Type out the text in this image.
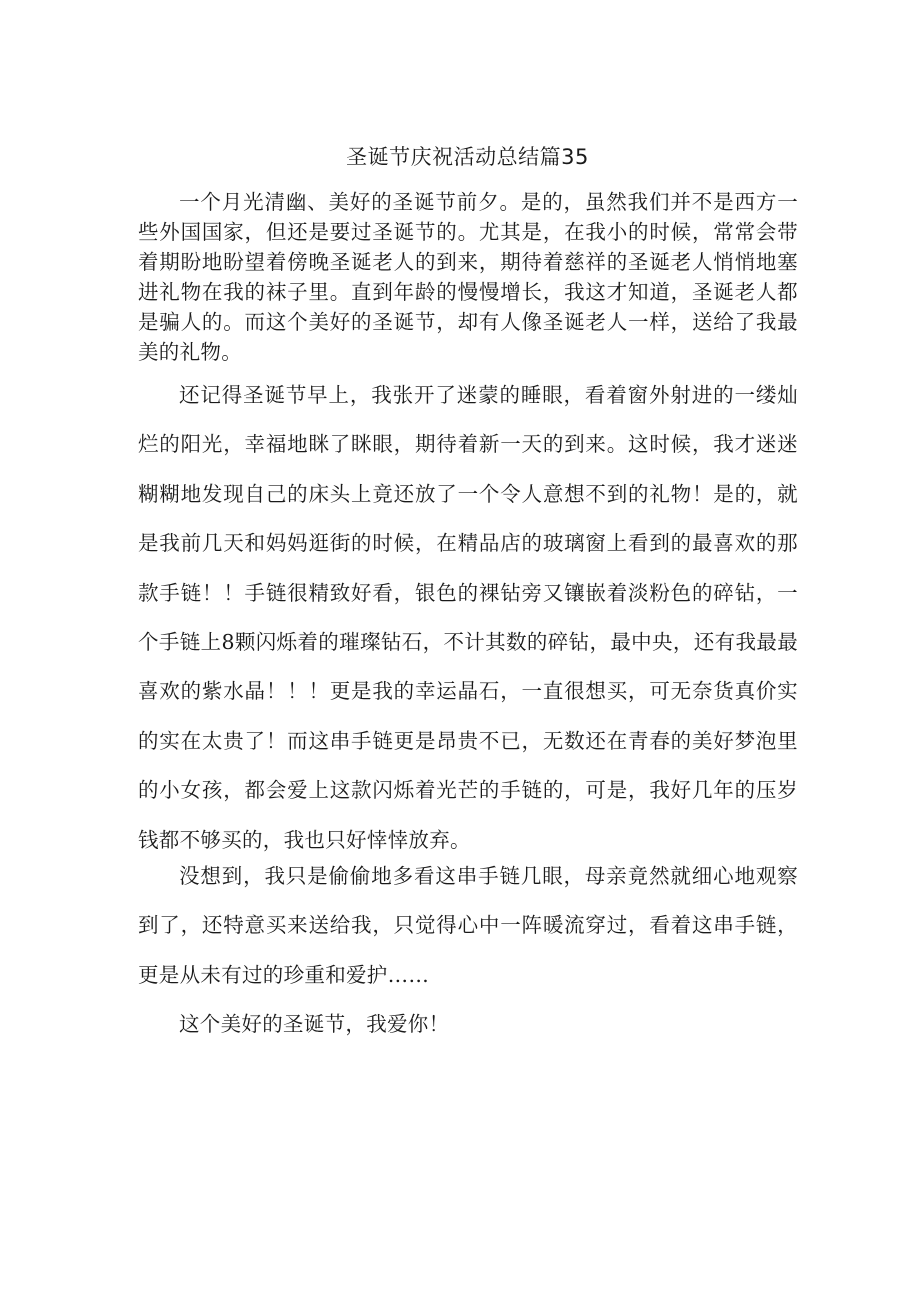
圣诞节庆祝活动总结篇35

一个月光清幽、美好的圣诞节前夕。是的，虽然我们并不是西方一些外国国家，但还是要过圣诞节的。尤其是，在我小的时候，常常会带着期盼地盼望着傍晚圣诞老人的到来，期待着慈祥的圣诞老人悄悄地塞进礼物在我的袜子里。直到年龄的慢慢增长，我这才知道，圣诞老人都是骗人的。而这个美好的圣诞节，却有人像圣诞老人一样，送给了我最美的礼物。

还记得圣诞节早上，我张开了迷蒙的睡眼，看着窗外射进的一缕灿烂的阳光，幸福地眯了眯眼，期待着新一天的到来。这时候，我才迷迷糊糊地发现自己的床头上竟还放了一个令人意想不到的礼物！是的，就是我前几天和妈妈逛街的时候，在精品店的玻璃窗上看到的最喜欢的那款手链！！手链很精致好看，银色的裸钻旁又镶嵌着淡粉色的碎钻，一个手链上8颗闪烁着的璀璨钻石，不计其数的碎钻，最中央，还有我最最喜欢的紫水晶！！！更是我的幸运晶石，一直很想买，可无奈货真价实的实在太贵了！而这串手链更是昂贵不已，无数还在青春的美好梦泡里的小女孩，都会爱上这款闪烁着光芒的手链的，可是，我好几年的压岁钱都不够买的，我也只好悻悻放弃。

没想到，我只是偷偷地多看这串手链几眼，母亲竟然就细心地观察到了，还特意买来送给我，只觉得心中一阵暖流穿过，看着这串手链，更是从未有过的珍重和爱护……

这个美好的圣诞节，我爱你！
